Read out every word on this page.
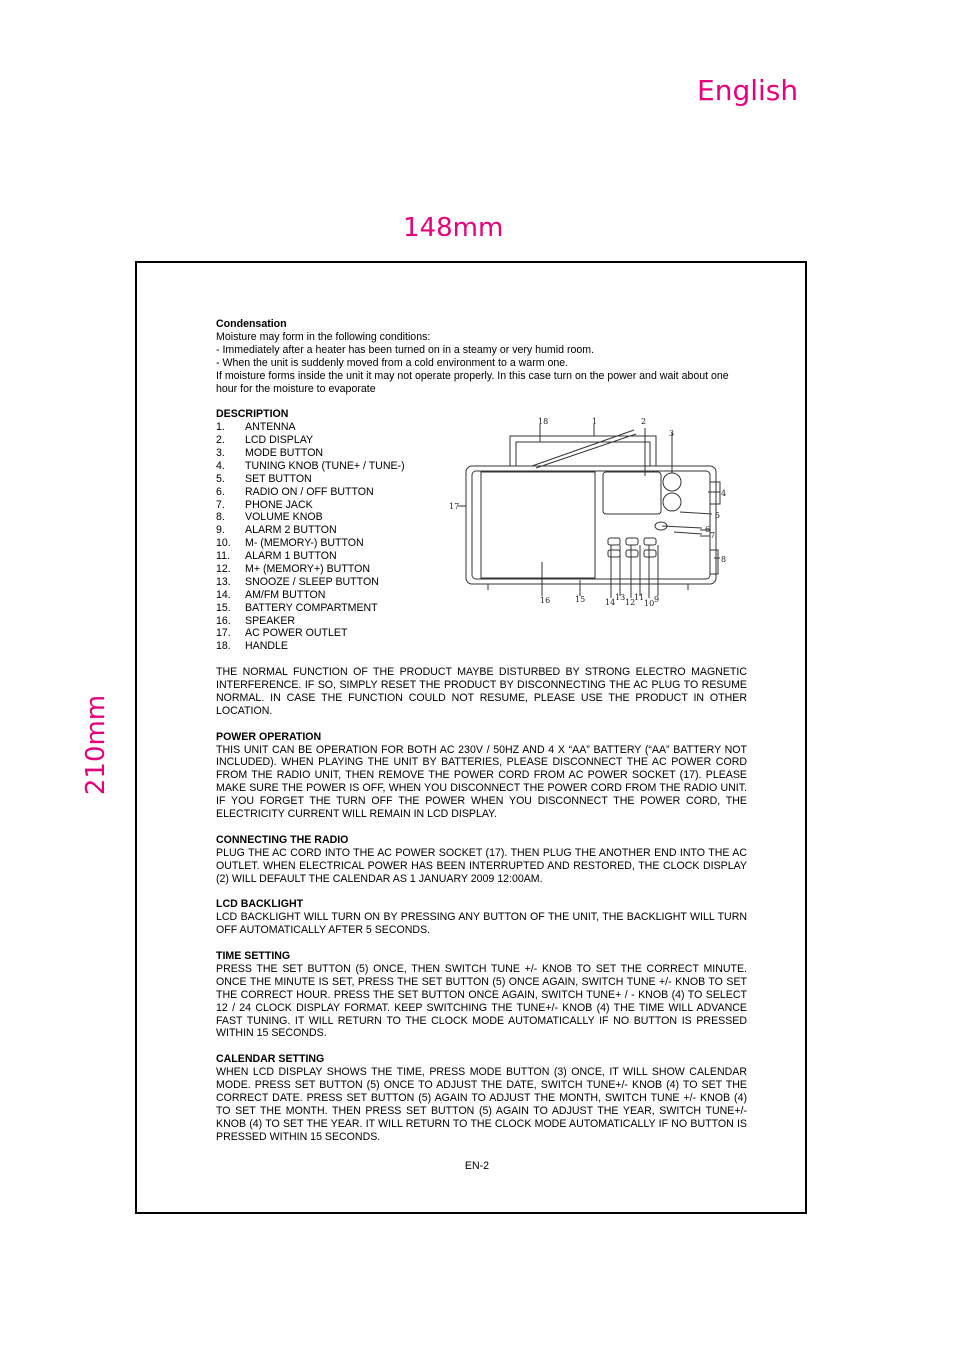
English
148mm
210mm

Condensation

Moisture may form in the following conditions:

- Immediately after a heater has been turned on in a steamy or very humid room.

- When the unit is suddenly moved from a cold environment to a warm one.

If moisture forms inside the unit it may not operate properly. In this case turn on the power and wait about one hour for the moisture to evaporate

DESCRIPTION

1.	ANTENNA
2.	LCD DISPLAY
3.	MODE BUTTON
4.	TUNING KNOB (TUNE+ / TUNE-)
5.	SET BUTTON
6.	RADIO ON / OFF BUTTON
7.	PHONE JACK
8.	VOLUME KNOB
9.	ALARM 2 BUTTON
10.	M- (MEMORY-) BUTTON
11.	ALARM 1 BUTTON
12.	M+ (MEMORY+) BUTTON
13.	SNOOZE / SLEEP BUTTON
14.	AM/FM BUTTON
15.	BATTERY COMPARTMENT
16.	SPEAKER
17.	AC POWER OUTLET
18.	HANDLE

THE NORMAL FUNCTION OF THE PRODUCT MAYBE DISTURBED BY STRONG ELECTRO MAGNETIC INTERFERENCE. IF SO, SIMPLY RESET THE PRODUCT BY DISCONNECTING THE AC PLUG TO RESUME NORMAL. IN CASE THE FUNCTION COULD NOT RESUME, PLEASE USE THE PRODUCT IN OTHER LOCATION.

POWER OPERATION

THIS UNIT CAN BE OPERATION FOR BOTH AC 230V / 50HZ AND 4 X “AA” BATTERY (“AA” BATTERY NOT INCLUDED). WHEN PLAYING THE UNIT BY BATTERIES, PLEASE DISCONNECT THE AC POWER CORD FROM THE RADIO UNIT, THEN REMOVE THE POWER CORD FROM AC POWER SOCKET (17). PLEASE MAKE SURE THE POWER IS OFF, WHEN YOU DISCONNECT THE POWER CORD FROM THE RADIO UNIT. IF YOU FORGET THE TURN OFF THE POWER WHEN YOU DISCONNECT THE POWER CORD, THE ELECTRICITY CURRENT WILL REMAIN IN LCD DISPLAY.

CONNECTING THE RADIO

PLUG THE AC CORD INTO THE AC POWER SOCKET (17). THEN PLUG THE ANOTHER END INTO THE AC OUTLET. WHEN ELECTRICAL POWER HAS BEEN INTERRUPTED AND RESTORED, THE CLOCK DISPLAY (2) WILL DEFAULT THE CALENDAR AS 1 JANUARY 2009 12:00AM.

LCD BACKLIGHT

LCD BACKLIGHT WILL TURN ON BY PRESSING ANY BUTTON OF THE UNIT, THE BACKLIGHT WILL TURN OFF AUTOMATICALLY AFTER 5 SECONDS.

TIME SETTING

PRESS THE SET BUTTON (5) ONCE, THEN SWITCH TUNE +/- KNOB TO SET THE CORRECT MINUTE. ONCE THE MINUTE IS SET, PRESS THE SET BUTTON (5) ONCE AGAIN, SWITCH TUNE +/- KNOB TO SET THE CORRECT HOUR. PRESS THE SET BUTTON ONCE AGAIN, SWITCH TUNE+ / - KNOB (4) TO SELECT 12 / 24 CLOCK DISPLAY FORMAT. KEEP SWITCHING THE TUNE+/- KNOB (4) THE TIME WILL ADVANCE FAST TUNING. IT WILL RETURN TO THE CLOCK MODE AUTOMATICALLY IF NO BUTTON IS PRESSED WITHIN 15 SECONDS.

CALENDAR SETTING

WHEN LCD DISPLAY SHOWS THE TIME, PRESS MODE BUTTON (3) ONCE, IT WILL SHOW CALENDAR MODE. PRESS SET BUTTON (5) ONCE TO ADJUST THE DATE, SWITCH TUNE+/- KNOB (4) TO SET THE CORRECT DATE. PRESS SET BUTTON (5) AGAIN TO ADJUST THE MONTH, SWITCH TUNE +/- KNOB (4) TO SET THE MONTH. THEN PRESS SET BUTTON (5) AGAIN TO ADJUST THE YEAR, SWITCH TUNE+/- KNOB (4) TO SET THE YEAR. IT WILL RETURN TO THE CLOCK MODE AUTOMATICALLY IF NO BUTTON IS PRESSED WITHIN 15 SECONDS.

18	1	2
3
4
5
6
7
8
17
16	15 14
13
12
11
10 9
EN-2
